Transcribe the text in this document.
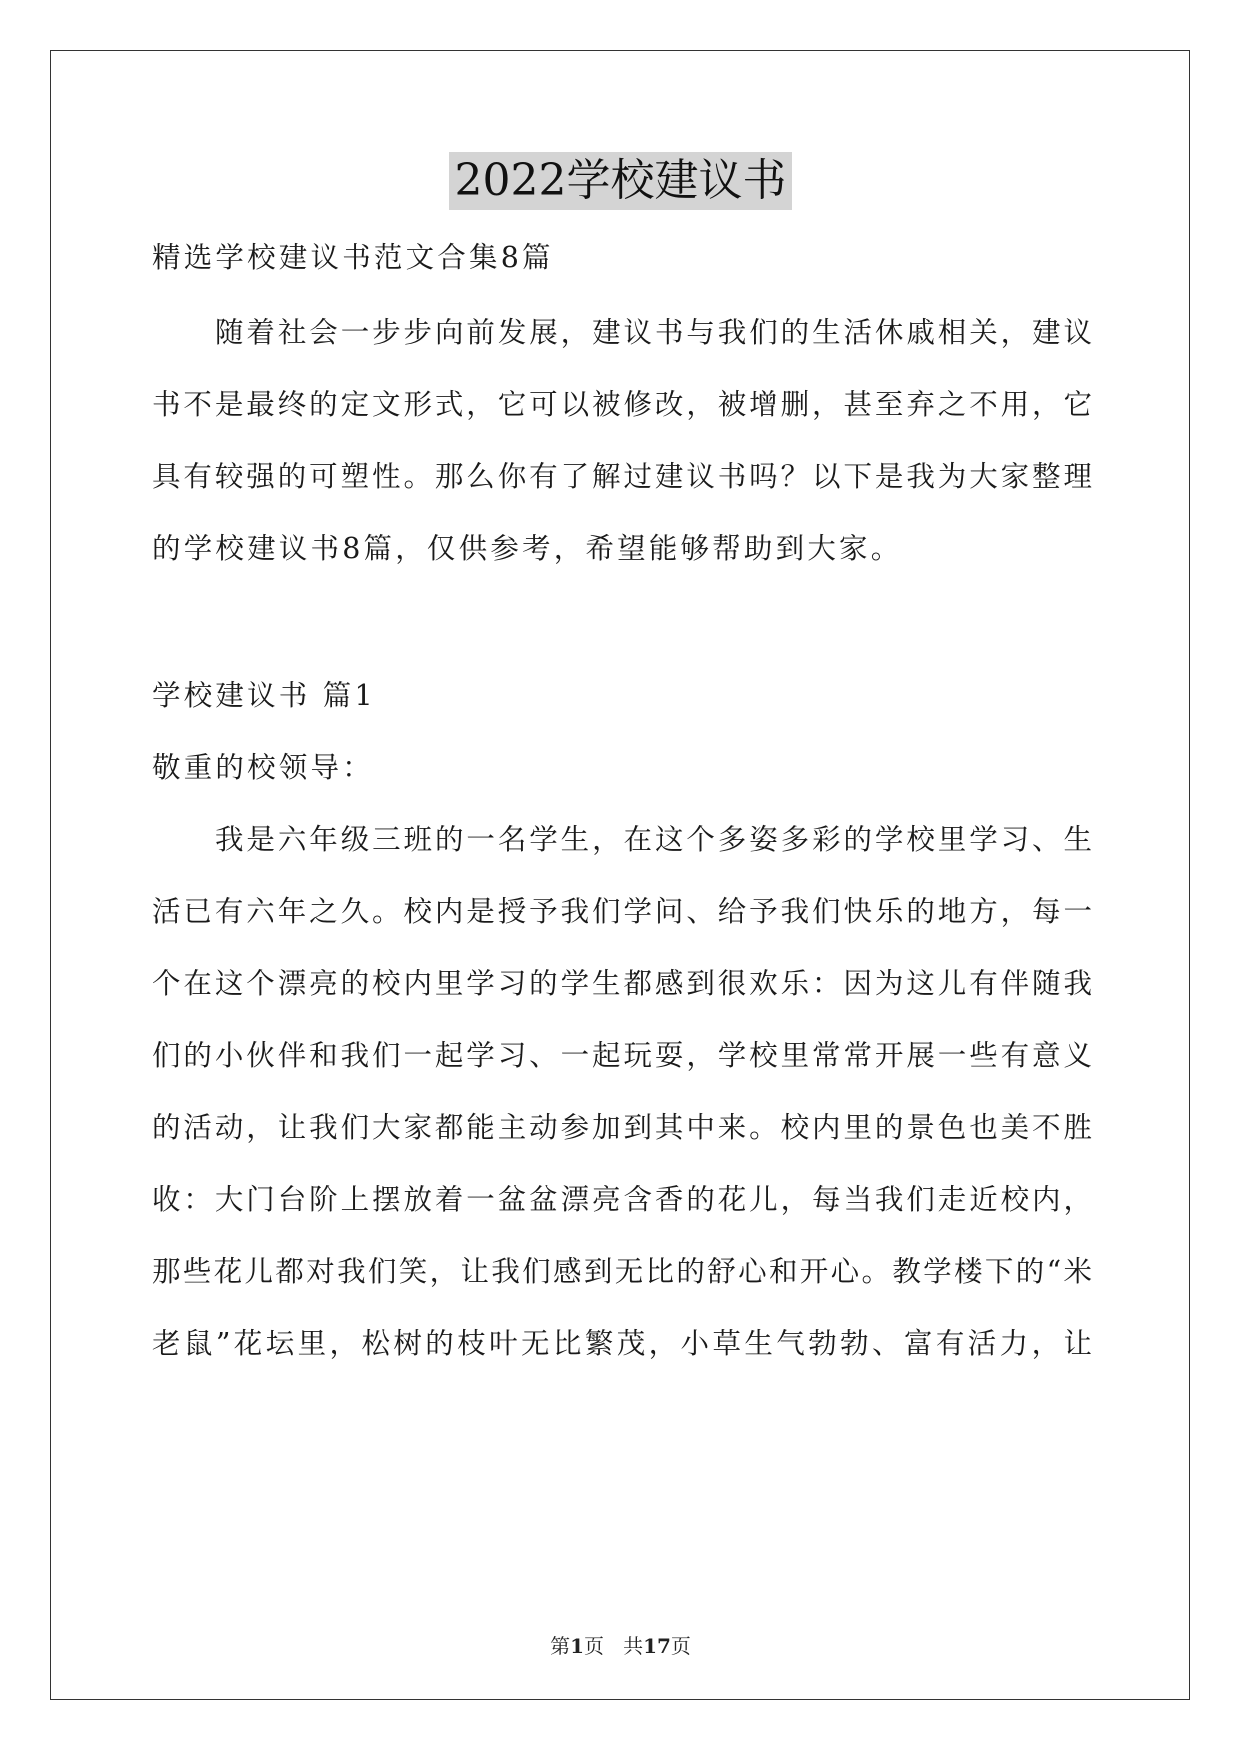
2022学校建议书
精选学校建议书范文合集8篇
随着社会一步步向前发展，建议书与我们的生活休戚相关，建议
书不是最终的定文形式，它可以被修改，被增删，甚至弃之不用，它
具有较强的可塑性。那么你有了解过建议书吗？以下是我为大家整理
的学校建议书8篇，仅供参考，希望能够帮助到大家。
学校建议书 篇1
敬重的校领导：
我是六年级三班的一名学生，在这个多姿多彩的学校里学习、生
活已有六年之久。校内是授予我们学问、给予我们快乐的地方，每一
个在这个漂亮的校内里学习的学生都感到很欢乐：因为这儿有伴随我
们的小伙伴和我们一起学习、一起玩耍，学校里常常开展一些有意义
的活动，让我们大家都能主动参加到其中来。校内里的景色也美不胜
收：大门台阶上摆放着一盆盆漂亮含香的花儿，每当我们走近校内，
那些花儿都对我们笑，让我们感到无比的舒心和开心。教学楼下的“米
老鼠”花坛里，松树的枝叶无比繁茂，小草生气勃勃、富有活力，让
第1页 共17页
